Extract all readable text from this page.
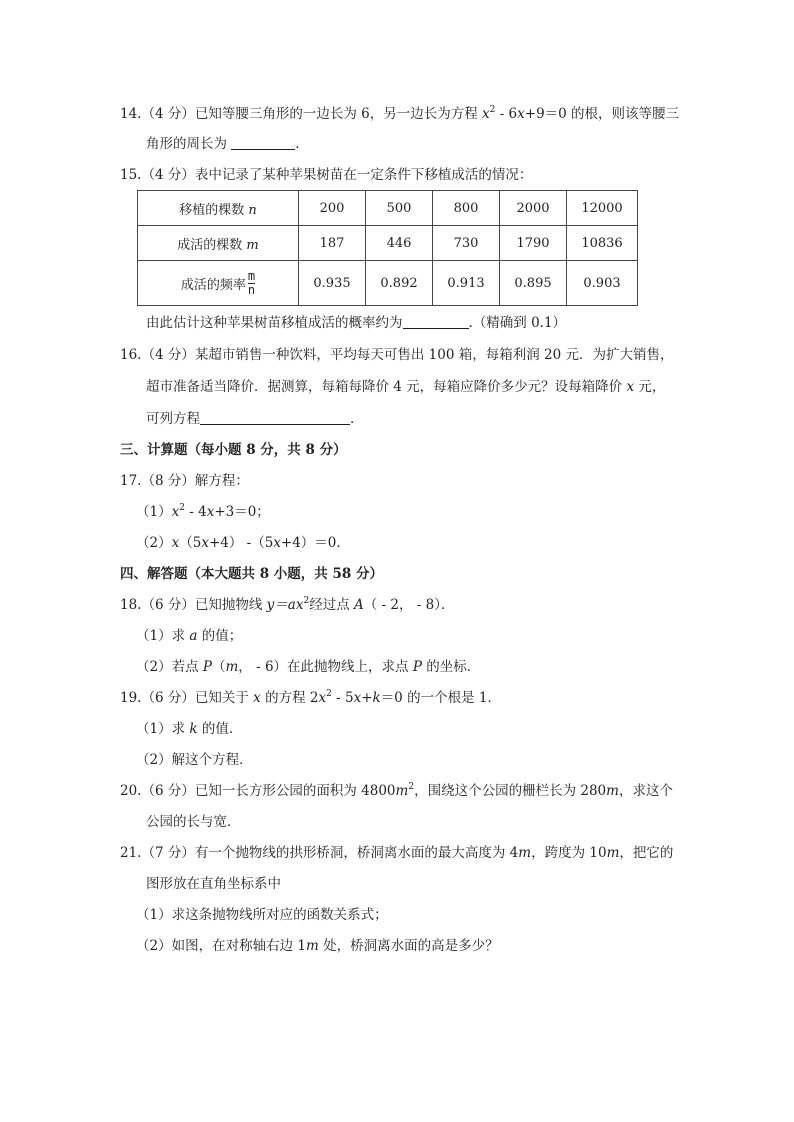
14.（4 分）已知等腰三角形的一边长为 6，另一边长为方程 $x^2 - 6x+9=0$ 的根，则该等腰三
角形的周长为	.
15.（4 分）表中记录了某种苹果树苗在一定条件下移植成活的情况：
移植的棵数 n	200	500	800	2000	12000
成活的棵数 m	187	446	730	1790	10836
成活的频率 $\frac{m}{n}$	0.935	0.892	0.913	0.895	0.903
由此估计这种苹果树苗移植成活的概率约为	.（精确到 0.1）
16.（4 分）某超市销售一种饮料，平均每天可售出 100 箱，每箱利润 20 元．为扩大销售，
超市准备适当降价．据测算，每箱每降价 4 元，每箱应降价多少元？设每箱降价 x 元，
可列方程	.
三、计算题（每小题 8 分，共 8 分）
17.（8 分）解方程：
$(1)x^2 - 4x+3=0$；
（2）x（5x+4） -（5x+4）＝0．
四、解答题（本大题共 8 小题，共 58 分）
18.（6 分）已知抛物线 $y=ax^2$经过点 A（ - 2， - 8）．
（1）求 a 的值；
（2）若点 P（m， - 6）在此抛物线上，求点 P 的坐标．
19.（6 分）已知关于 x 的方程 $2x^2 - 5x+k=0$ 的一个根是 1．
（1）求 k 的值．
（2）解这个方程．
20.（6 分）已知一长方形公园的面积为 $4800m^2$，围绕这个公园的栅栏长为 280m，求这个
公园的长与宽．
21.（7 分）有一个抛物线的拱形桥洞，桥洞离水面的最大高度为 4m，跨度为 10m，把它的
图形放在直角坐标系中
（1）求这条抛物线所对应的函数关系式；
（2）如图，在对称轴右边 1m 处，桥洞离水面的高是多少？
